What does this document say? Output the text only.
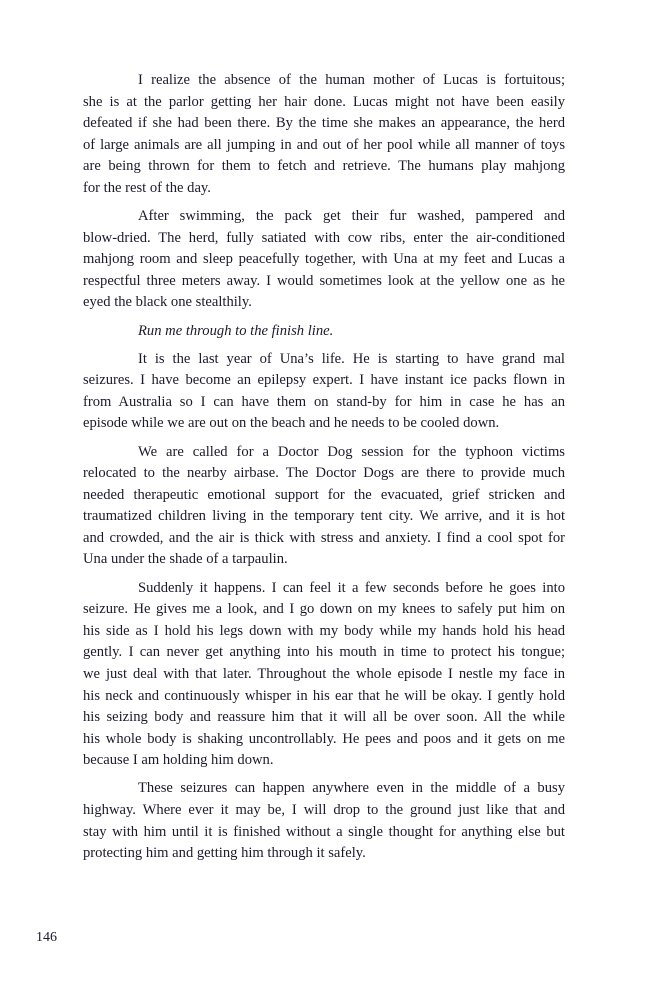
I realize the absence of the human mother of Lucas is fortuitous;
she is at the parlor getting her hair done. Lucas might not have been easily
defeated if she had been there. By the time she makes an appearance, the herd
of large animals are all jumping in and out of her pool while all manner of toys
are being thrown for them to fetch and retrieve. The humans play mahjong
for the rest of the day.
After swimming, the pack get their fur washed, pampered and
blow-dried. The herd, fully satiated with cow ribs, enter the air-conditioned
mahjong room and sleep peacefully together, with Una at my feet and Lucas a
respectful three meters away. I would sometimes look at the yellow one as he
eyed the black one stealthily.
Run me through to the finish line.
It is the last year of Una’s life. He is starting to have grand mal
seizures. I have become an epilepsy expert. I have instant ice packs flown in
from Australia so I can have them on stand-by for him in case he has an
episode while we are out on the beach and he needs to be cooled down.
We are called for a Doctor Dog session for the typhoon victims
relocated to the nearby airbase. The Doctor Dogs are there to provide much
needed therapeutic emotional support for the evacuated, grief stricken and
traumatized children living in the temporary tent city. We arrive, and it is hot
and crowded, and the air is thick with stress and anxiety. I find a cool spot for
Una under the shade of a tarpaulin.
Suddenly it happens. I can feel it a few seconds before he goes into
seizure. He gives me a look, and I go down on my knees to safely put him on
his side as I hold his legs down with my body while my hands hold his head
gently. I can never get anything into his mouth in time to protect his tongue;
we just deal with that later. Throughout the whole episode I nestle my face in
his neck and continuously whisper in his ear that he will be okay. I gently hold
his seizing body and reassure him that it will all be over soon. All the while
his whole body is shaking uncontrollably. He pees and poos and it gets on me
because I am holding him down.
These seizures can happen anywhere even in the middle of a busy
highway. Where ever it may be, I will drop to the ground just like that and
stay with him until it is finished without a single thought for anything else but
protecting him and getting him through it safely.
146
